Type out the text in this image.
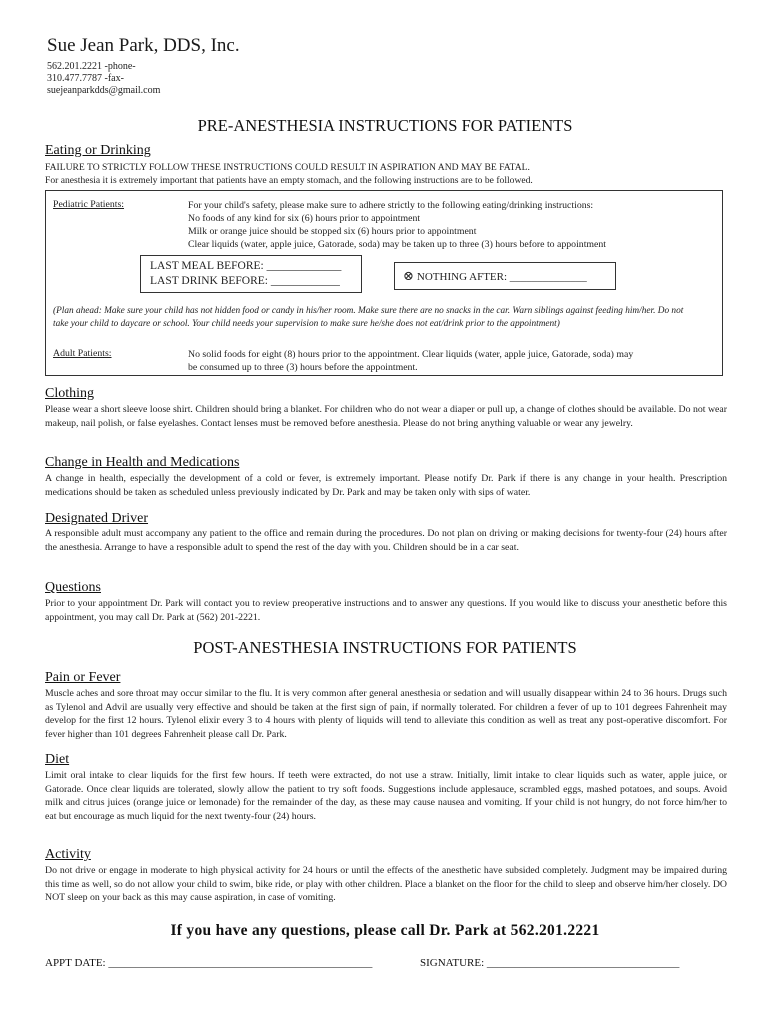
Sue Jean Park, DDS, Inc.
562.201.2221 -phone-
310.477.7787 -fax-
suejeanparkdds@gmail.com
PRE-ANESTHESIA INSTRUCTIONS FOR PATIENTS
Eating or Drinking
FAILURE TO STRICTLY FOLLOW THESE INSTRUCTIONS COULD RESULT IN ASPIRATION AND MAY BE FATAL.
For anesthesia it is extremely important that patients have an empty stomach, and the following instructions are to be followed.
Pediatric Patients:	For your child's safety, please make sure to adhere strictly to the following eating/drinking instructions:
No foods of any kind for six (6) hours prior to appointment
Milk or orange juice should be stopped six (6) hours prior to appointment
Clear liquids (water, apple juice, Gatorade, soda) may be taken up to three (3) hours before to appointment
LAST MEAL BEFORE: _____________
LAST DRINK BEFORE: ____________	⊗ NOTHING AFTER: ______________
(Plan ahead: Make sure your child has not hidden food or candy in his/her room. Make sure there are no snacks in the car. Warn siblings against feeding him/her. Do not
take your child to daycare or school. Your child needs your supervision to make sure he/she does not eat/drink prior to the appointment)
Adult Patients:	No solid foods for eight (8) hours prior to the appointment. Clear liquids (water, apple juice, Gatorade, soda) may
be consumed up to three (3) hours before the appointment.
Clothing
Please wear a short sleeve loose shirt. Children should bring a blanket. For children who do not wear a diaper or pull up, a change of clothes should be available. Do not wear makeup, nail polish, or false eyelashes. Contact lenses must be removed before anesthesia. Please do not bring anything valuable or wear any jewelry.
Change in Health and Medications
A change in health, especially the development of a cold or fever, is extremely important. Please notify Dr. Park if there is any change in your health. Prescription medications should be taken as scheduled unless previously indicated by Dr. Park and may be taken only with sips of water.
Designated Driver
A responsible adult must accompany any patient to the office and remain during the procedures. Do not plan on driving or making decisions for twenty-four (24) hours after the anesthesia. Arrange to have a responsible adult to spend the rest of the day with you. Children should be in a car seat.
Questions
Prior to your appointment Dr. Park will contact you to review preoperative instructions and to answer any questions. If you would like to discuss your anesthetic before this appointment, you may call Dr. Park at (562) 201-2221.
POST-ANESTHESIA INSTRUCTIONS FOR PATIENTS
Pain or Fever
Muscle aches and sore throat may occur similar to the flu. It is very common after general anesthesia or sedation and will usually disappear within 24 to 36 hours. Drugs such as Tylenol and Advil are usually very effective and should be taken at the first sign of pain, if normally tolerated. For children a fever of up to 101 degrees Fahrenheit may develop for the first 12 hours. Tylenol elixir every 3 to 4 hours with plenty of liquids will tend to alleviate this condition as well as treat any post-operative discomfort. For fever higher than 101 degrees Fahrenheit please call Dr. Park.
Diet
Limit oral intake to clear liquids for the first few hours. If teeth were extracted, do not use a straw. Initially, limit intake to clear liquids such as water, apple juice, or Gatorade. Once clear liquids are tolerated, slowly allow the patient to try soft foods. Suggestions include applesauce, scrambled eggs, mashed potatoes, and soups. Avoid milk and citrus juices (orange juice or lemonade) for the remainder of the day, as these may cause nausea and vomiting. If your child is not hungry, do not force him/her to eat but encourage as much liquid for the next twenty-four (24) hours.
Activity
Do not drive or engage in moderate to high physical activity for 24 hours or until the effects of the anesthetic have subsided completely. Judgment may be impaired during this time as well, so do not allow your child to swim, bike ride, or play with other children. Place a blanket on the floor for the child to sleep and observe him/her closely. DO NOT sleep on your back as this may cause aspiration, in case of vomiting.
If you have any questions, please call Dr. Park at 562.201.2221
APPT DATE: ________________________________________________	SIGNATURE: ___________________________________
